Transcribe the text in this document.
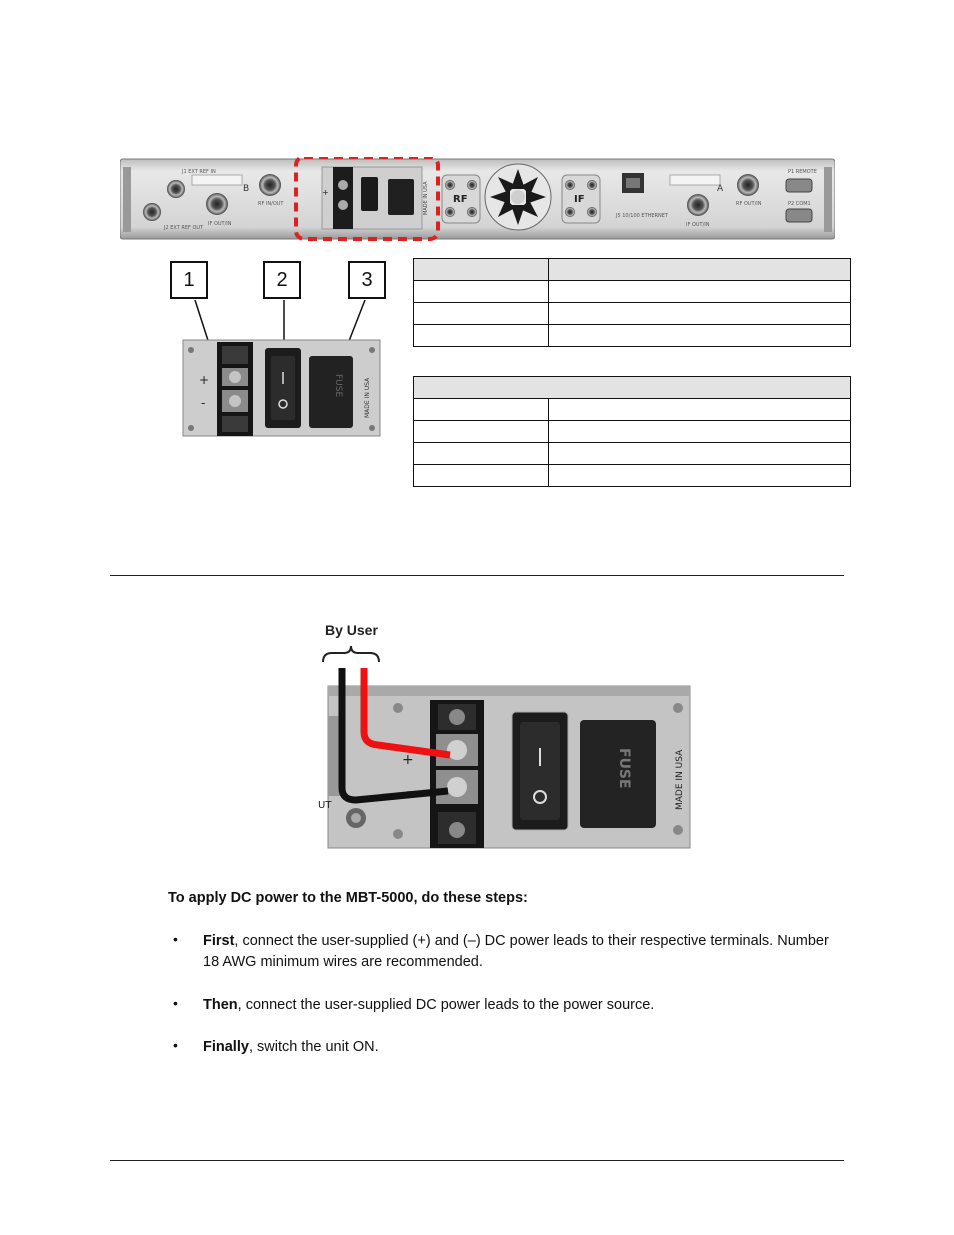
J1 EXT REF IN
J2 EXT REF OUT
B
IF OUT/IN
RF IN/OUT
+	MADE IN USA RF	IF
J5 10/100 ETHERNET
A
IF OUT/IN
RF OUT/IN
P1 REMOTE
P2 COM1
1	2	3
+
-
FUSE	MADE IN USA

By User
UT
+
-
FUSE	MADE IN USA
To apply DC power to the MBT-5000, do these steps:
• First, connect the user-supplied (+) and (–) DC power leads to their respective terminals. Number 18 AWG minimum wires are recommended.
• Then, connect the user-supplied DC power leads to the power source.
• Finally, switch the unit ON.
